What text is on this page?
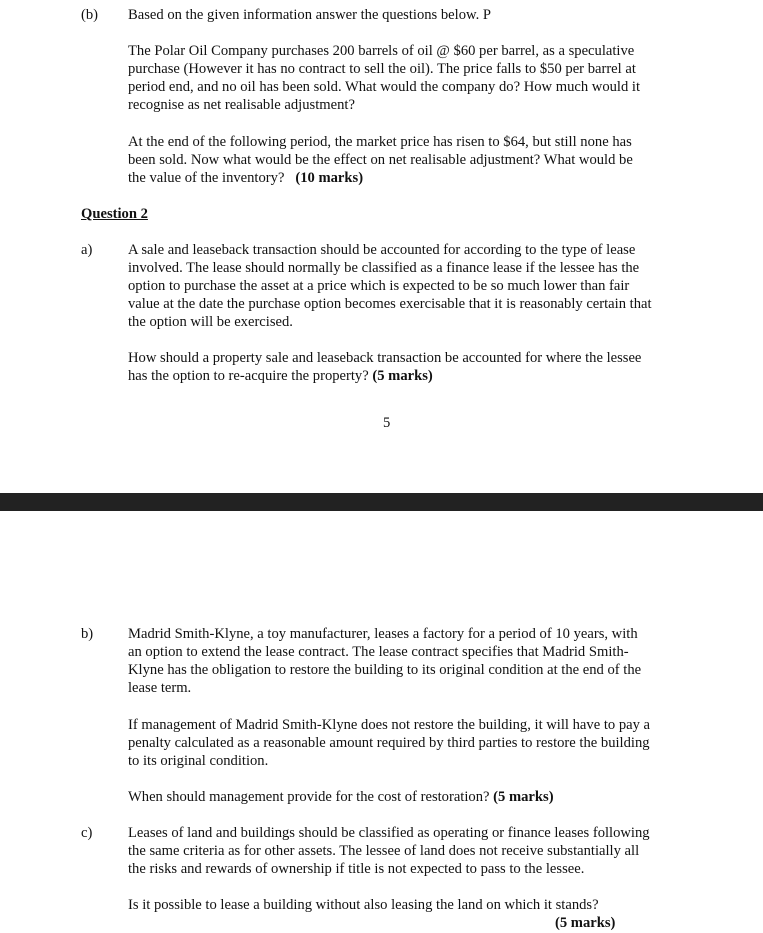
(b) Based on the given information answer the questions below. P

The Polar Oil Company purchases 200 barrels of oil @ $60 per barrel, as a speculative
purchase (However it has no contract to sell the oil). The price falls to $50 per barrel at
period end, and no oil has been sold. What would the company do? How much would it
recognise as net realisable adjustment?

At the end of the following period, the market price has risen to $64, but still none has
been sold. Now what would be the effect on net realisable adjustment? What would be
the value of the inventory? (10 marks)

Question 2
a) A sale and leaseback transaction should be accounted for according to the type of lease
involved. The lease should normally be classified as a finance lease if the lessee has the
option to purchase the asset at a price which is expected to be so much lower than fair
value at the date the purchase option becomes exercisable that it is reasonably certain that
the option will be exercised.

How should a property sale and leaseback transaction be accounted for where the lessee
has the option to re-acquire the property? (5 marks)

5
b) Madrid Smith-Klyne, a toy manufacturer, leases a factory for a period of 10 years, with
an option to extend the lease contract. The lease contract specifies that Madrid Smith-
Klyne has the obligation to restore the building to its original condition at the end of the
lease term.

If management of Madrid Smith-Klyne does not restore the building, it will have to pay a
penalty calculated as a reasonable amount required by third parties to restore the building
to its original condition.

When should management provide for the cost of restoration? (5 marks)

c) Leases of land and buildings should be classified as operating or finance leases following
the same criteria as for other assets. The lessee of land does not receive substantially all
the risks and rewards of ownership if title is not expected to pass to the lessee.

Is it possible to lease a building without also leasing the land on which it stands?

(5 marks)
